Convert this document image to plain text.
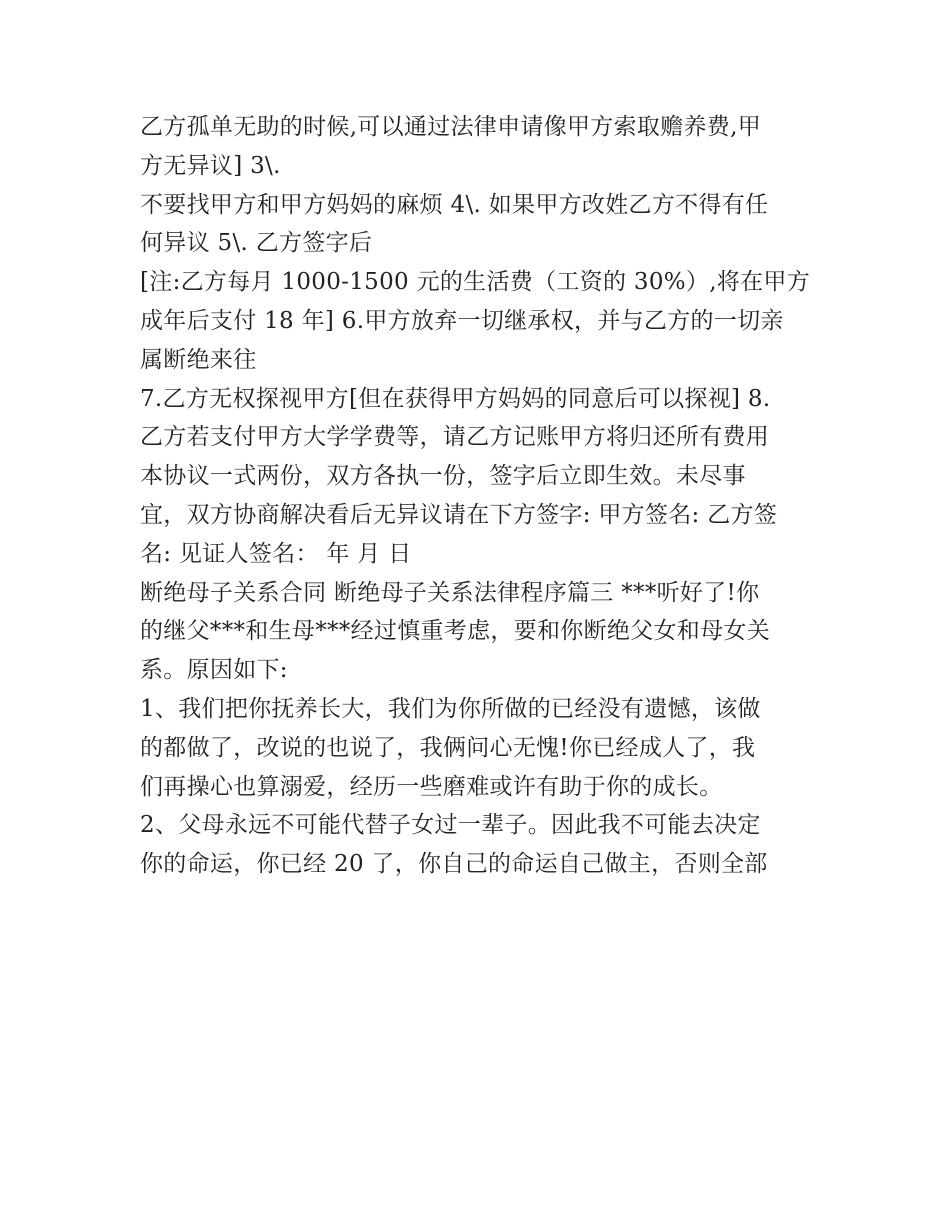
乙方孤单无助的时候,可以通过法律申请像甲方索取赡养费,甲
方无异议] 3\.
不要找甲方和甲方妈妈的麻烦 4\. 如果甲方改姓乙方不得有任
何异议 5\. 乙方签字后
[注:乙方每月 1000-1500 元的生活费（工资的 30%）,将在甲方
成年后支付 18 年] 6.甲方放弃一切继承权，并与乙方的一切亲
属断绝来往
7.乙方无权探视甲方[但在获得甲方妈妈的同意后可以探视] 8.
乙方若支付甲方大学学费等，请乙方记账甲方将归还所有费用
本协议一式两份，双方各执一份，签字后立即生效。未尽事
宜，双方协商解决看后无异议请在下方签字: 甲方签名: 乙方签
名: 见证人签名： 年 月 日
断绝母子关系合同 断绝母子关系法律程序篇三 ***听好了!你
的继父***和生母***经过慎重考虑，要和你断绝父女和母女关
系。原因如下:
1、我们把你抚养长大，我们为你所做的已经没有遗憾，该做
的都做了，改说的也说了，我俩问心无愧!你已经成人了，我
们再操心也算溺爱，经历一些磨难或许有助于你的成长。
2、父母永远不可能代替子女过一辈子。因此我不可能去决定
你的命运，你已经 20 了，你自己的命运自己做主，否则全部
